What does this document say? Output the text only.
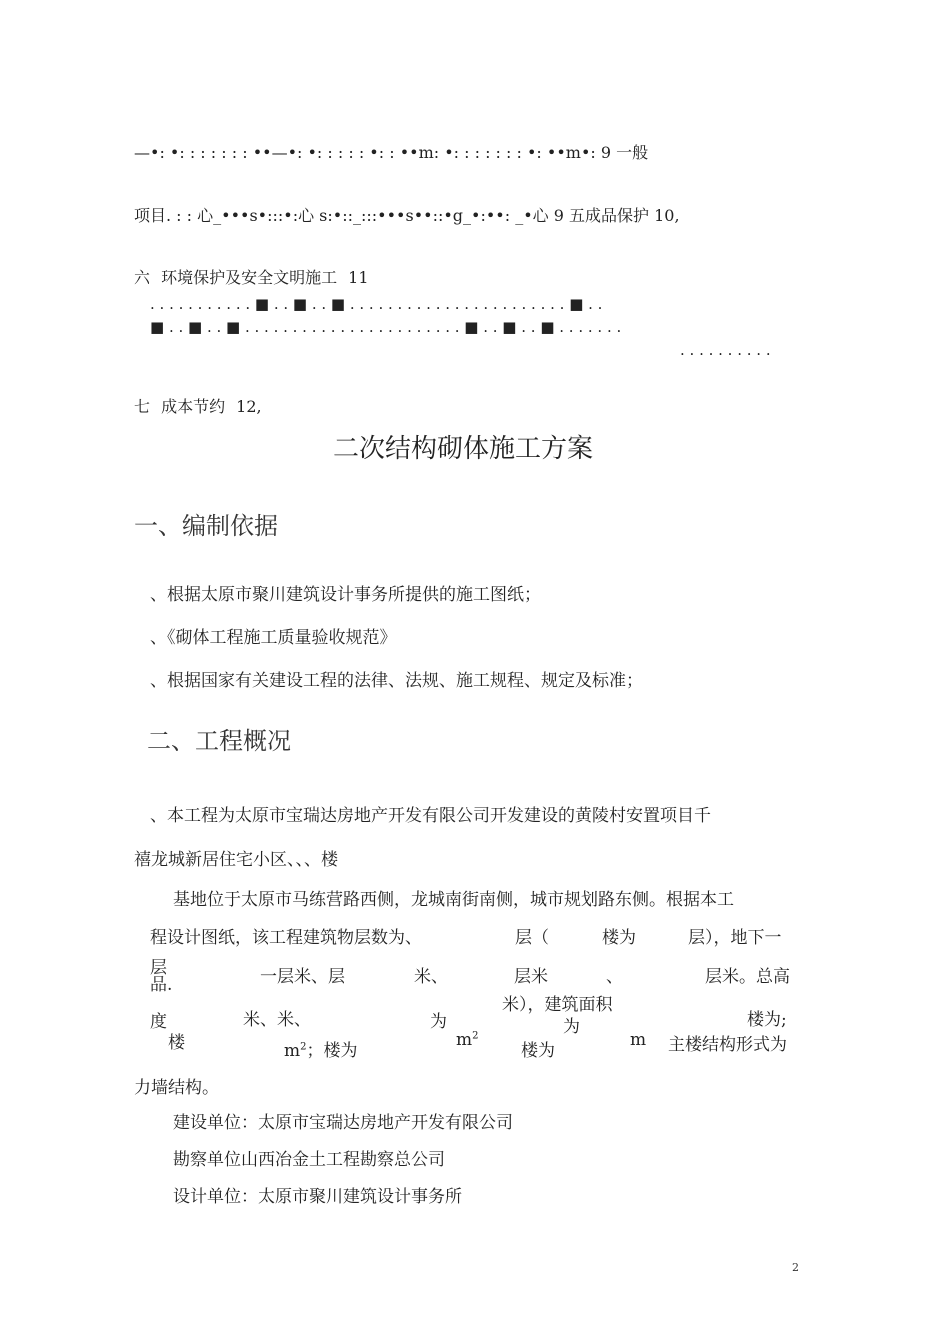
—•: •: : : : : : : ••—•: •: : : : : •: : ••m: •: : : : : : : •: ••m•: 9 一般
项目. : : 心_•••s•:::•:心 s:•::_:::•••s••::•g_•:••: _•心 9 五成品保护 10,
六 环境保护及安全文明施工 11
. . . . . . . . . . . ■ . . ■ . . ■ . . . . . . . . . . . . . . . . . . . . . . . ■ . .
■ . . ■ . . ■ . . . . . . . . . . . . . . . . . . . . . . . ■ . . ■ . . ■ . . . . . . .
. . . . . . . . . .
七 成本节约 12,
二次结构砌体施工方案
一、编制依据
、根据太原市聚川建筑设计事务所提供的施工图纸；
、《砌体工程施工质量验收规范》
、根据国家有关建设工程的法律、法规、施工规程、规定及标准；
二、工程概况
、本工程为太原市宝瑞达房地产开发有限公司开发建设的黄陵村安置项目千
禧龙城新居住宅小区、、、楼
基地位于太原市马练营路西侧，龙城南街南侧，城市规划路东侧。根据本工
程设计图纸，该工程建筑物层数为、	层（	楼为	层），地下一
层
品.	一层米、层	米、	层米	、	层米。总高
度	米、米、	为
米），建筑面积
为	楼为;
楼	$m^2$；楼为
$m^2$
楼为
m 主楼结构形式为
力墙结构。
建设单位：太原市宝瑞达房地产开发有限公司
勘察单位山西冶金土工程勘察总公司
设计单位：太原市聚川建筑设计事务所
2
